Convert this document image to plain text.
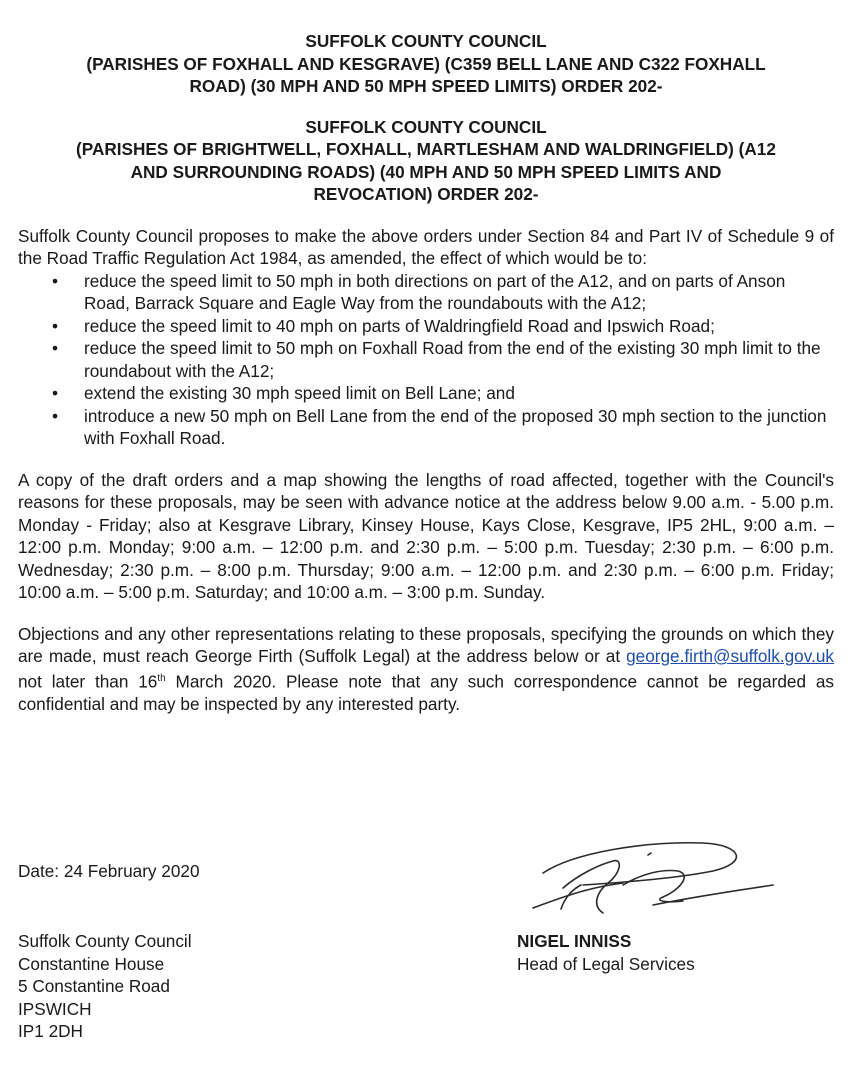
SUFFOLK COUNTY COUNCIL

(PARISHES OF FOXHALL AND KESGRAVE) (C359 BELL LANE AND C322 FOXHALL

ROAD) (30 MPH AND 50 MPH SPEED LIMITS) ORDER 202-

SUFFOLK COUNTY COUNCIL

(PARISHES OF BRIGHTWELL, FOXHALL, MARTLESHAM AND WALDRINGFIELD) (A12

AND SURROUNDING ROADS) (40 MPH AND 50 MPH SPEED LIMITS AND

REVOCATION) ORDER 202-

Suffolk County Council proposes to make the above orders under Section 84 and Part IV of Schedule 9 of the Road Traffic Regulation Act 1984, as amended, the effect of which would be to:

• reduce the speed limit to 50 mph in both directions on part of the A12, and on parts of Anson Road, Barrack Square and Eagle Way from the roundabouts with the A12;
• reduce the speed limit to 40 mph on parts of Waldringfield Road and Ipswich Road;
• reduce the speed limit to 50 mph on Foxhall Road from the end of the existing 30 mph limit to the roundabout with the A12;
• extend the existing 30 mph speed limit on Bell Lane; and
• introduce a new 50 mph on Bell Lane from the end of the proposed 30 mph section to the junction with Foxhall Road.

A copy of the draft orders and a map showing the lengths of road affected, together with the Council's reasons for these proposals, may be seen with advance notice at the address below 9.00 a.m. - 5.00 p.m. Monday - Friday; also at Kesgrave Library, Kinsey House, Kays Close, Kesgrave, IP5 2HL, 9:00 a.m. – 12:00 p.m. Monday; 9:00 a.m. – 12:00 p.m. and 2:30 p.m. – 5:00 p.m. Tuesday; 2:30 p.m. – 6:00 p.m. Wednesday; 2:30 p.m. – 8:00 p.m. Thursday; 9:00 a.m. – 12:00 p.m. and 2:30 p.m. – 6:00 p.m. Friday; 10:00 a.m. – 5:00 p.m. Saturday; and 10:00 a.m. – 3:00 p.m. Sunday.

Objections and any other representations relating to these proposals, specifying the grounds on which they are made, must reach George Firth (Suffolk Legal) at the address below or at george.firth@suffolk.gov.uk not later than 16th March 2020. Please note that any such correspondence cannot be regarded as confidential and may be inspected by any interested party.

Date: 24 February 2020
Suffolk County Council
Constantine House
5 Constantine Road
IPSWICH
IP1 2DH
NIGEL INNISS
Head of Legal Services
